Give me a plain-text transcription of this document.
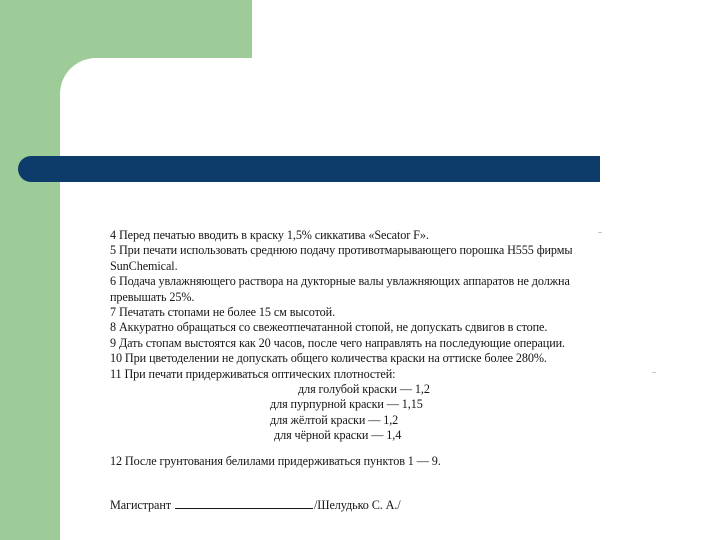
4 Перед печатью вводить в краску 1,5% сиккатива «Secator F».
5 При печати использовать среднюю подачу противотмарывающего порошка H555 фирмы
SunChemical.
6 Подача увлажняющего раствора на дукторные валы увлажняющих аппаратов не должна
превышать 25%.
7 Печатать стопами не более 15 см высотой.
8 Аккуратно обращаться со свежеотпечатанной стопой, не допускать сдвигов в стопе.
9 Дать стопам выстоятся как 20 часов, после чего направлять на последующие операции.
10 При цветоделении не допускать общего количества краски на оттиске более 280%.
11 При печати придерживаться оптических плотностей:
для голубой краски — 1,2
для пурпурной краски — 1,15
для жёлтой краски — 1,2
для чёрной краски — 1,4
12 После грунтования белилами придерживаться пунктов 1 — 9.
Магистрант	/Шелудько С. А./
